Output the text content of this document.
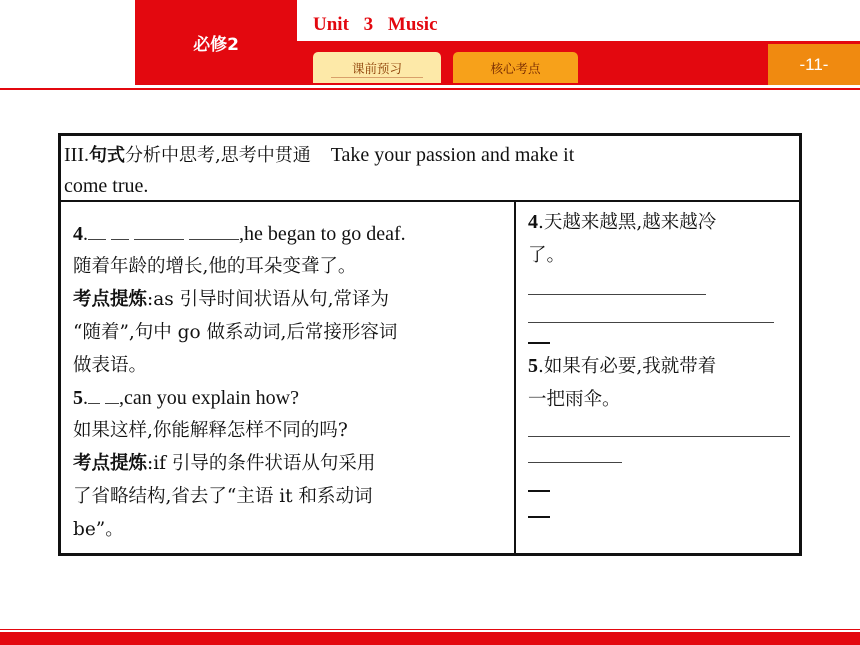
必修2
Unit 3 Music
课前预习	核心考点	-11-
III.句式分析中思考,思考中贯通 Take your passion and make it
come true.
4.	,he began to go deaf.
随着年龄的增长,他的耳朵变聋了。
考点提炼:as 引导时间状语从句,常译为
“随着”,句中 go 做系动词,后常接形容词
做表语。
5. ,can you explain how?
如果这样,你能解释怎样不同的吗?
考点提炼:if 引导的条件状语从句采用
了省略结构,省去了“主语 it 和系动词
be”。
4.天越来越黑,越来越冷
了。
5.如果有必要,我就带着
一把雨伞。
